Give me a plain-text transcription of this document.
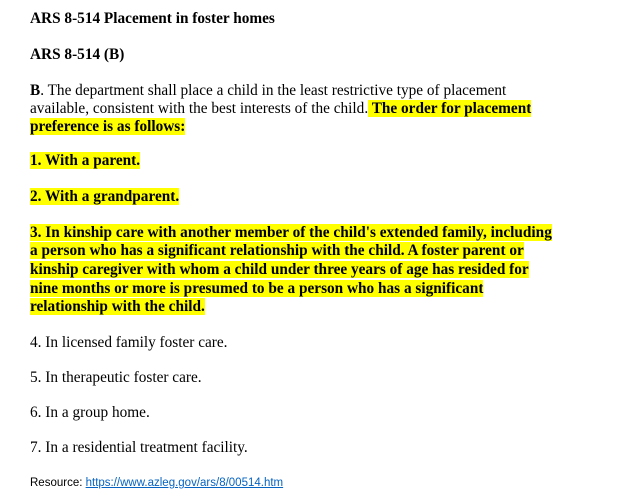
ARS 8-514 Placement in foster homes
ARS 8-514 (B)
B. The department shall place a child in the least restrictive type of placement
available, consistent with the best interests of the child. The order for placement
preference is as follows:
1. With a parent.
2. With a grandparent.
3. In kinship care with another member of the child's extended family, including
a person who has a significant relationship with the child. A foster parent or
kinship caregiver with whom a child under three years of age has resided for
nine months or more is presumed to be a person who has a significant
relationship with the child.
4. In licensed family foster care.
5. In therapeutic foster care.
6. In a group home.
7. In a residential treatment facility.
Resource: https://www.azleg.gov/ars/8/00514.htm
